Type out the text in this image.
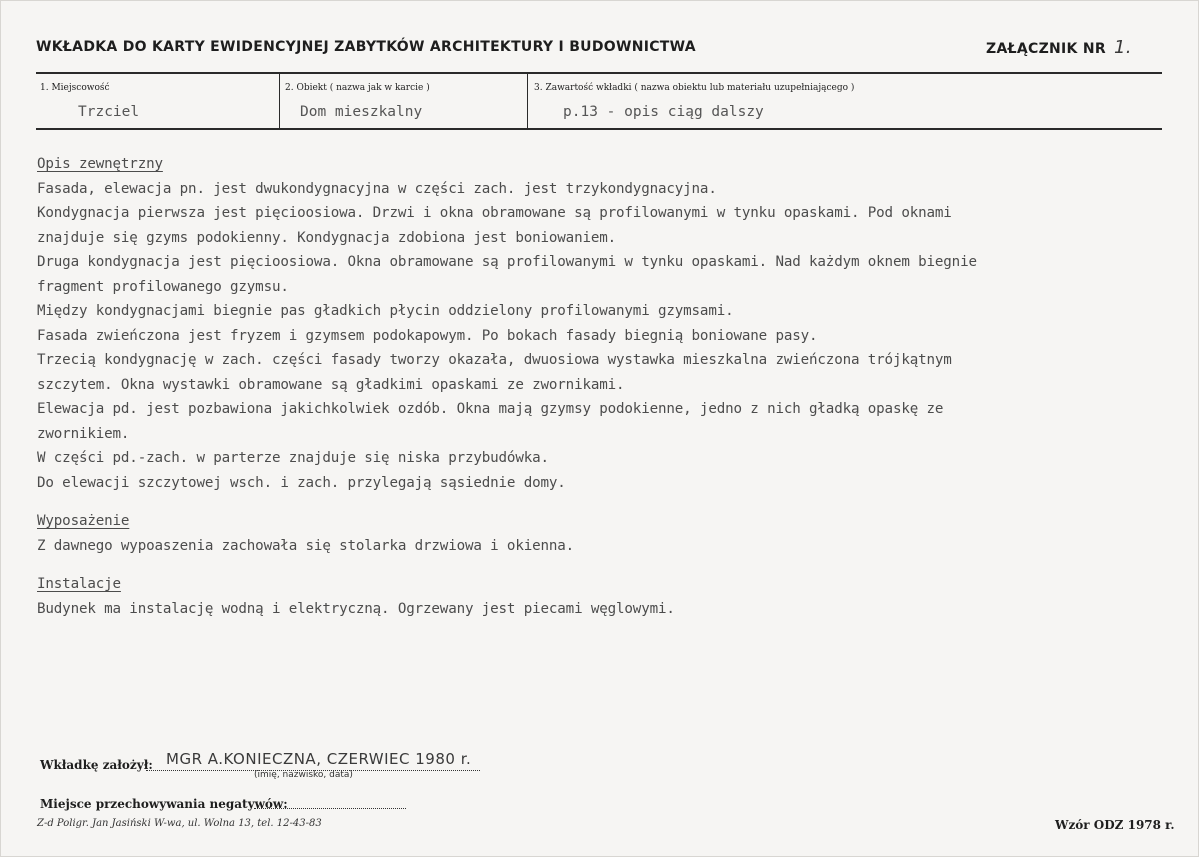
WKŁADKA DO KARTY EWIDENCYJNEJ ZABYTKÓW ARCHITEKTURY I BUDOWNICTWA	ZAŁĄCZNIK NR 1.
1. Miejscowość
Trzciel
2. Obiekt ( nazwa jak w karcie )
Dom mieszkalny
3. Zawartość wkładki ( nazwa obiektu lub materiału uzupełniającego )
p.13 - opis ciąg dalszy

Opis zewnętrzny

Fasada, elewacja pn. jest dwukondygnacyjna w części zach. jest trzykondygnacyjna.

Kondygnacja pierwsza jest pięcioosiowa. Drzwi i okna obramowane są profilowanymi w tynku opaskami. Pod oknami

znajduje się gzyms podokienny. Kondygnacja zdobiona jest boniowaniem.

Druga kondygnacja jest pięcioosiowa. Okna obramowane są profilowanymi w tynku opaskami. Nad każdym oknem biegnie

fragment profilowanego gzymsu.

Między kondygnacjami biegnie pas gładkich płycin oddzielony profilowanymi gzymsami.

Fasada zwieńczona jest fryzem i gzymsem podokapowym. Po bokach fasady biegnią boniowane pasy.

Trzecią kondygnację w zach. części fasady tworzy okazała, dwuosiowa wystawka mieszkalna zwieńczona trójkątnym

szczytem. Okna wystawki obramowane są gładkimi opaskami ze zwornikami.

Elewacja pd. jest pozbawiona jakichkolwiek ozdób. Okna mają gzymsy podokienne, jedno z nich gładką opaskę ze

zwornikiem.

W części pd.-zach. w parterze znajduje się niska przybudówka.

Do elewacji szczytowej wsch. i zach. przylegają sąsiednie domy.

Wyposażenie

Z dawnego wypoaszenia zachowała się stolarka drzwiowa i okienna.

Instalacje

Budynek ma instalację wodną i elektryczną. Ogrzewany jest piecami węglowymi.

Wkładkę założył: MGR A.KONIECZNA, CZERWIEC 1980 r.
(imię, nazwisko, data)
Miejsce przechowywania negatywów:
Z-d Poligr. Jan Jasiński W-wa, ul. Wolna 13, tel. 12-43-83	Wzór ODZ 1978 r.
